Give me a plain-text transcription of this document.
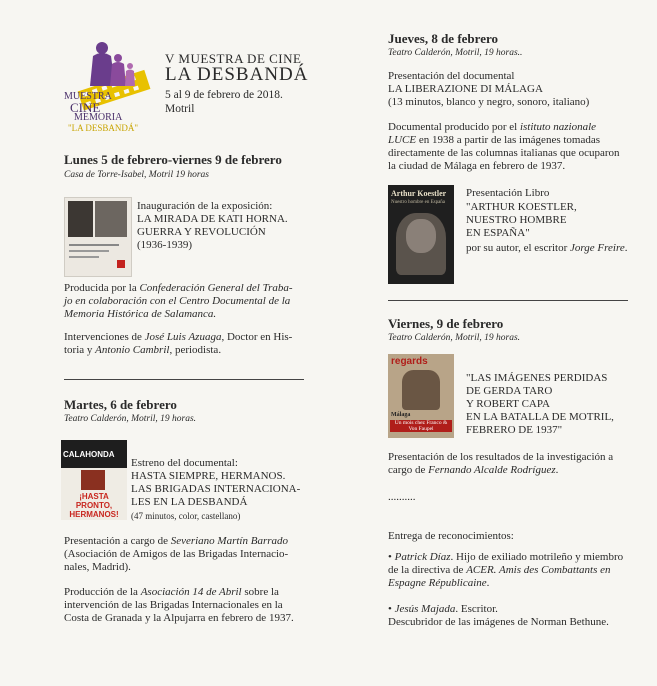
MUESTRA
CINE
MEMORIA
"LA DESBANDÁ"
V MUESTRA DE CINE
LA DESBANDÁ
5 al 9 de febrero de 2018.
Motril
Lunes 5 de febrero-viernes 9 de febrero
Casa de Torre-Isabel, Motril 19 horas
Inauguración de la exposición:
LA MIRADA DE KATI HORNA.
GUERRA Y REVOLUCIÓN
(1936-1939)
Producida por la Confederación General del Traba-
jo en colaboración con el Centro Documental de la
Memoria Histórica de Salamanca.
Intervenciones de José Luis Azuaga, Doctor en His-
toria y Antonio Cambril, periodista.
Martes, 6 de febrero
Teatro Calderón, Motril, 19 horas.
CALAHONDA
¡HASTA PRONTO, HERMANOS!
Estreno del documental:
HASTA SIEMPRE, HERMANOS.
LAS BRIGADAS INTERNACIONA-
LES EN LA DESBANDÁ
(47 minutos, color, castellano)
Presentación a cargo de Severiano Martín Barrado
(Asociación de Amigos de las Brigadas Internacio-
nales, Madrid).
Producción de la Asociación 14 de Abril sobre la
intervención de las Brigadas Internacionales en la
Costa de Granada y la Alpujarra en febrero de 1937.
Jueves, 8 de febrero
Teatro Calderón, Motril, 19 horas..
Presentación del documental
LA LIBERAZIONE DI MÁLAGA
(13 minutos, blanco y negro, sonoro, italiano)
Documental producido por el istituto nazionale
LUCE en 1938 a partir de las imágenes tomadas
directamente de las columnas italianas que ocuparon
la ciudad de Málaga en febrero de 1937.
Arthur Koestler
Nuestro hombre en España
Presentación Libro
"ARTHUR KOESTLER,
NUESTRO HOMBRE
EN ESPAÑA"
por su autor, el escritor Jorge Freire.
Viernes, 9 de febrero
Teatro Calderón, Motril, 19 horas.
regards
Málaga
Un mois chez Franco & Von Faupel
"LAS IMÁGENES PERDIDAS
DE GERDA TARO
Y ROBERT CAPA
EN LA BATALLA DE MOTRIL,
FEBRERO DE 1937"
Presentación de los resultados de la investigación a
cargo de Fernando Alcalde Rodríguez.
..........
Entrega de reconocimientos:
• Patrick Díaz. Hijo de exiliado motrileño y miembro
de la directiva de ACER. Amis des Combattants en
Espagne Républicaine.
• Jesús Majada. Escritor.
Descubridor de las imágenes de Norman Bethune.
